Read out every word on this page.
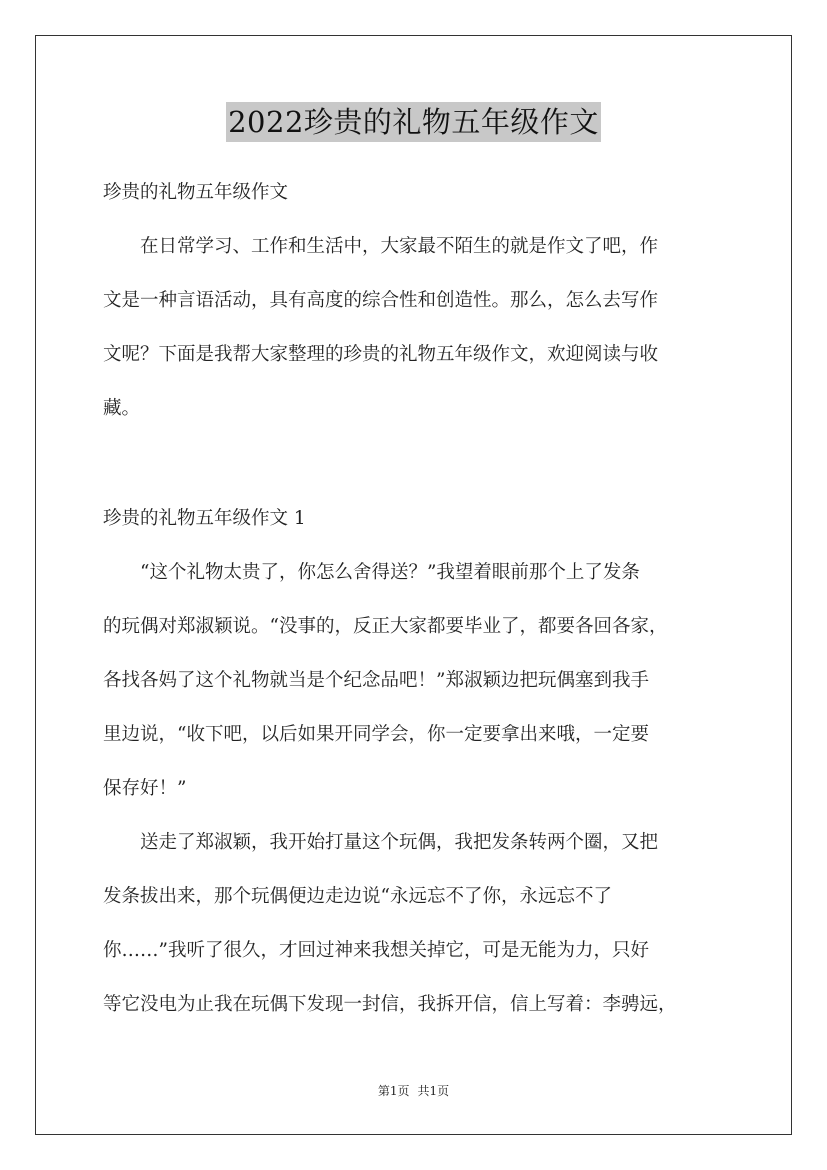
2022珍贵的礼物五年级作文
珍贵的礼物五年级作文
　　在日常学习、工作和生活中，大家最不陌生的就是作文了吧，作
文是一种言语活动，具有高度的综合性和创造性。那么，怎么去写作
文呢？下面是我帮大家整理的珍贵的礼物五年级作文，欢迎阅读与收
藏。
珍贵的礼物五年级作文 1
　　“这个礼物太贵了，你怎么舍得送？”我望着眼前那个上了发条
的玩偶对郑淑颖说。“没事的，反正大家都要毕业了，都要各回各家，
各找各妈了这个礼物就当是个纪念品吧！”郑淑颖边把玩偶塞到我手
里边说，“收下吧，以后如果开同学会，你一定要拿出来哦，一定要
保存好！”
　　送走了郑淑颖，我开始打量这个玩偶，我把发条转两个圈，又把
发条拔出来，那个玩偶便边走边说“永远忘不了你，永远忘不了
你……”我听了很久，才回过神来我想关掉它，可是无能为力，只好
等它没电为止我在玩偶下发现一封信，我拆开信，信上写着：李骋远，
第1页 共1页
